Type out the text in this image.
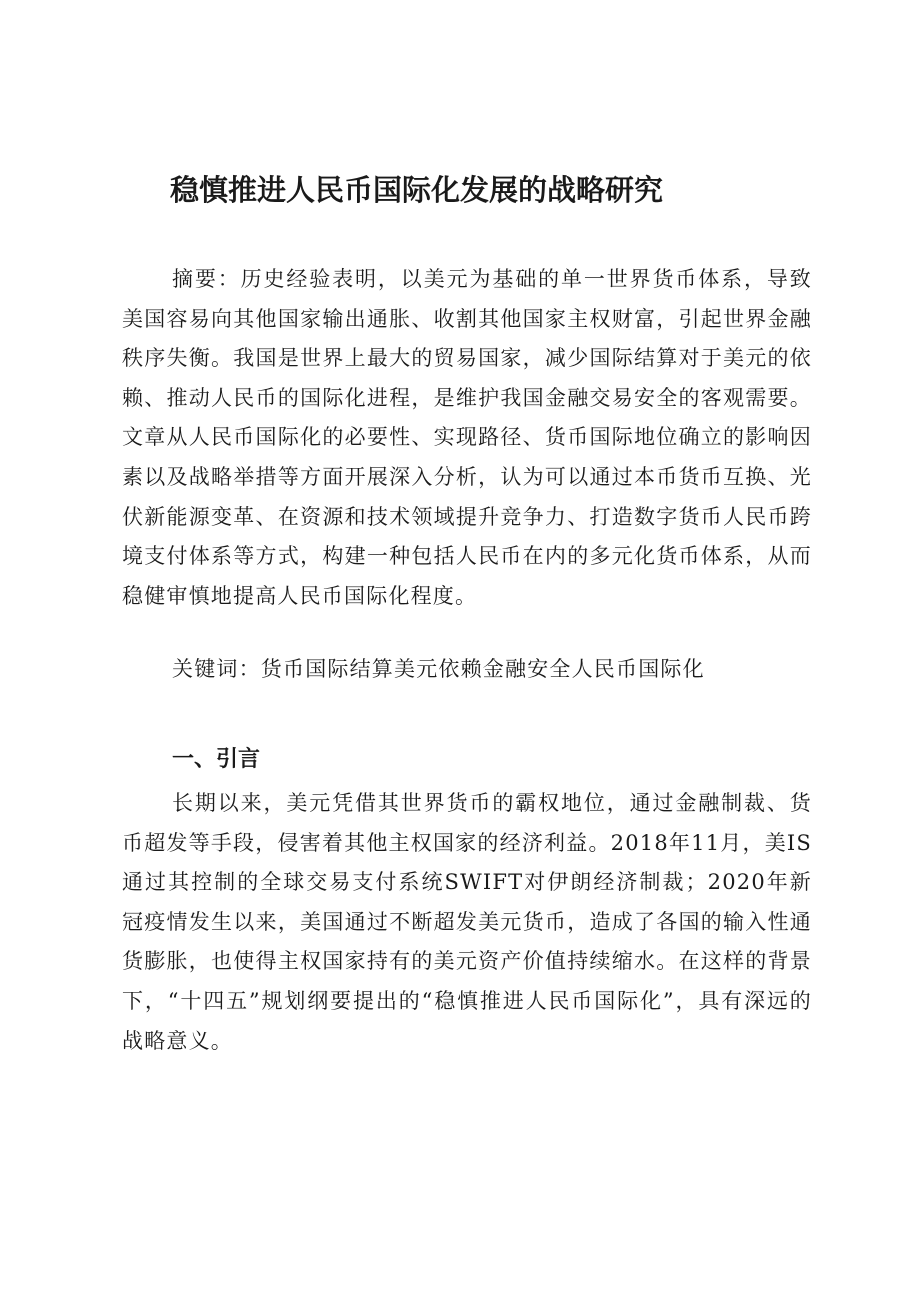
稳慎推进人民币国际化发展的战略研究

摘要：历史经验表明，以美元为基础的单一世界货币体系，导致美国容易向其他国家输出通胀、收割其他国家主权财富，引起世界金融秩序失衡。我国是世界上最大的贸易国家，减少国际结算对于美元的依赖、推动人民币的国际化进程，是维护我国金融交易安全的客观需要。文章从人民币国际化的必要性、实现路径、货币国际地位确立的影响因素以及战略举措等方面开展深入分析，认为可以通过本币货币互换、光伏新能源变革、在资源和技术领域提升竞争力、打造数字货币人民币跨境支付体系等方式，构建一种包括人民币在内的多元化货币体系，从而稳健审慎地提高人民币国际化程度。

关键词：货币国际结算美元依赖金融安全人民币国际化

一、引言

长期以来，美元凭借其世界货币的霸权地位，通过金融制裁、货币超发等手段，侵害着其他主权国家的经济利益。2018年11月，美IS通过其控制的全球交易支付系统SWIFT对伊朗经济制裁；2020年新冠疫情发生以来，美国通过不断超发美元货币，造成了各国的输入性通货膨胀，也使得主权国家持有的美元资产价值持续缩水。在这样的背景下，“十四五”规划纲要提出的“稳慎推进人民币国际化”，具有深远的战略意义。
